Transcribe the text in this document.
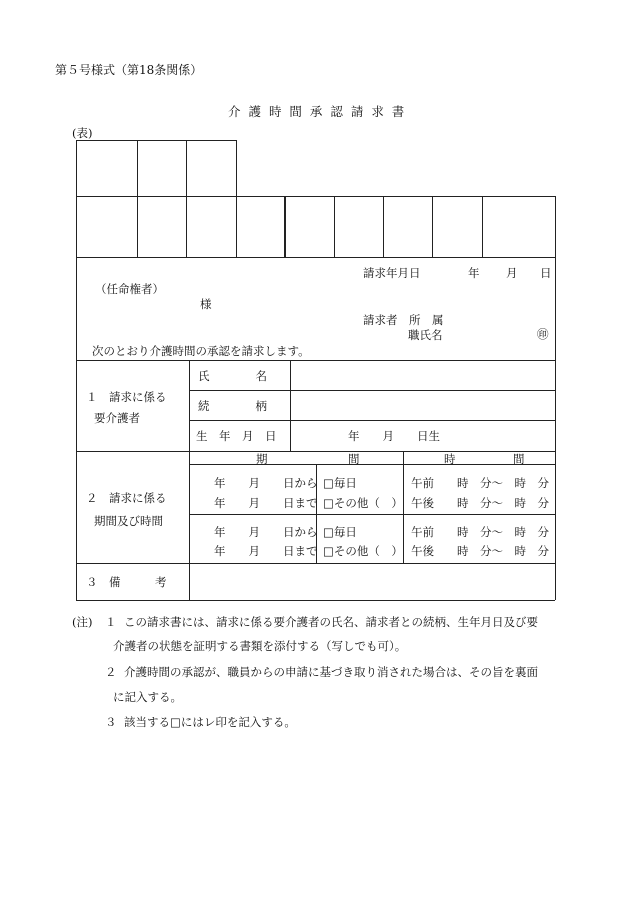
第５号様式（第18条関係）
介 護 時 間 承 認 請 求 書
(表)
請求年月日	年 月 日
（任命権者）
様
請求者　所　属
職氏名	㊞
次のとおり介護時間の承認を請求します。
１　請求に係る
要介護者
氏　　　　名
続　　　　柄
生　年　月　日	年　　月　　日生
期　　　　　　　間	時　　　　　間
２　請求に係る
期間及び時間
年　　月　　日から □毎日	午前　　時　分～　時　分
年　　月　　日まで □その他（　） 午後　　時　分～　時　分
年　　月　　日から □毎日	午前　　時　分～　時　分
年　　月　　日まで □その他（　） 午後　　時　分～　時　分
３　備　　　考
(注) １ この請求書には、請求に係る要介護者の氏名、請求者との続柄、生年月日及び要
介護者の状態を証明する書類を添付する（写しでも可）。
２ 介護時間の承認が、職員からの申請に基づき取り消された場合は、その旨を裏面
に記入する。
３ 該当する□にはレ印を記入する。
